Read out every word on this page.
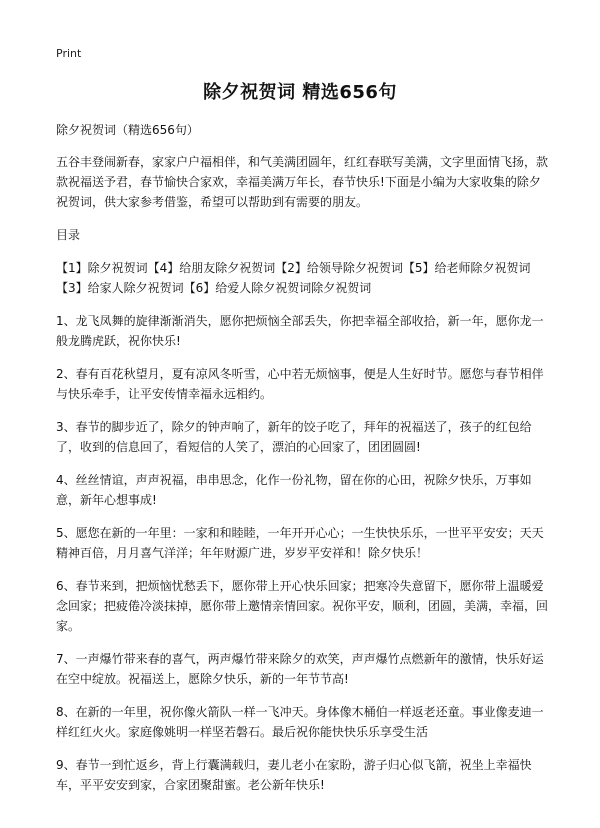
Print
除夕祝贺词 精选656句

除夕祝贺词（精选656句）

五谷丰登闹新春，家家户户福相伴，和气美满团圆年，红红春联写美满，文字里面情飞扬，款款祝福送予君，春节愉快合家欢，幸福美满万年长，春节快乐!下面是小编为大家收集的除夕祝贺词，供大家参考借鉴，希望可以帮助到有需要的朋友。

目录

【1】除夕祝贺词【4】给朋友除夕祝贺词【2】给领导除夕祝贺词【5】给老师除夕祝贺词【3】给家人除夕祝贺词【6】给爱人除夕祝贺词除夕祝贺词

1、龙飞凤舞的旋律渐渐消失，愿你把烦恼全部丢失，你把幸福全部收拾，新一年，愿你龙一般龙腾虎跃，祝你快乐!

2、春有百花秋望月，夏有凉风冬听雪，心中若无烦恼事，便是人生好时节。愿您与春节相伴与快乐牵手，让平安传情幸福永远相约。

3、春节的脚步近了，除夕的钟声响了，新年的饺子吃了，拜年的祝福送了，孩子的红包给了，收到的信息回了，看短信的人笑了，漂泊的心回家了，团团圆圆!

4、丝丝情谊，声声祝福，串串思念，化作一份礼物，留在你的心田，祝除夕快乐，万事如意，新年心想事成!

5、愿您在新的一年里：一家和和睦睦，一年开开心心；一生快快乐乐，一世平平安安；天天精神百倍，月月喜气洋洋；年年财源广进，岁岁平安祥和！除夕快乐！

6、春节来到，把烦恼忧愁丢下，愿你带上开心快乐回家；把寒冷失意留下，愿你带上温暖爱念回家；把疲倦冷淡抹掉，愿你带上邀情亲情回家。祝你平安，顺利，团圆，美满，幸福，回家。

7、一声爆竹带来春的喜气，两声爆竹带来除夕的欢笑，声声爆竹点燃新年的激情，快乐好运在空中绽放。祝福送上，愿除夕快乐，新的一年节节高!

8、在新的一年里，祝你像火箭队一样一飞冲天。身体像木桶伯一样返老还童。事业像麦迪一样红红火火。家庭像姚明一样坚若磐石。最后祝你能快快乐乐享受生活

9、春节一到忙返乡，背上行囊满载归，妻儿老小在家盼，游子归心似飞箭，祝坐上幸福快车，平平安安到家，合家团聚甜蜜。老公新年快乐!
